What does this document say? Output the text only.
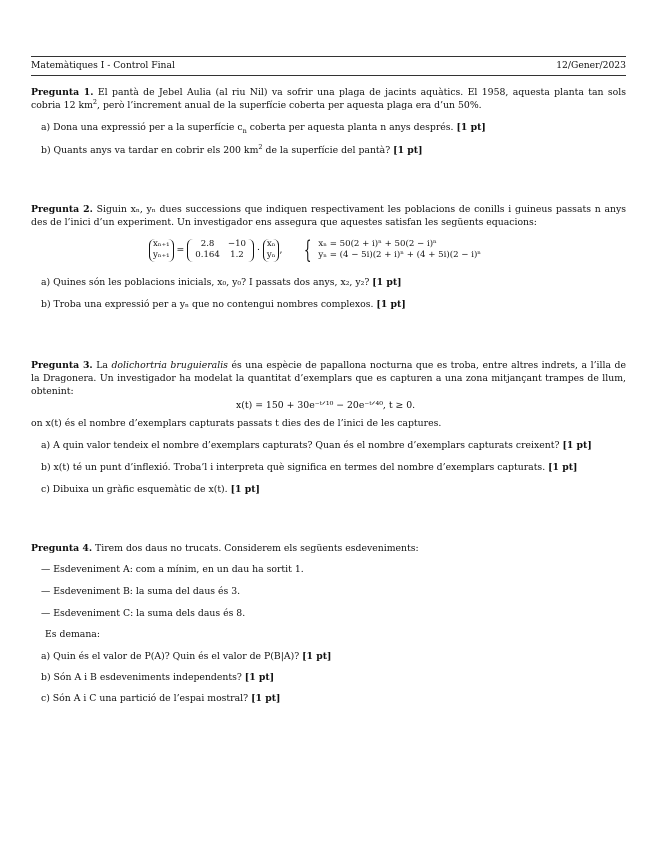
Matemàtiques I - Control Final	12/Gener/2023
Pregunta 1. El pantà de Jebel Aulia (al riu Nil) va sofrir una plaga de jacints aquàtics. El 1958, aquesta planta tan sols cobria 12 $km^2$, però l’increment anual de la superfície coberta per aquesta plaga era d’un 50%.
a) Dona una expressió per a la superfície $c_n$ coberta per aquesta planta n anys després. [1 pt]
b) Quants anys va tardar en cobrir els 200 $km^2$ de la superfície del pantà? [1 pt]
Pregunta 2. Siguin xₙ, yₙ dues successions que indiquen respectivament les poblacions de conills i guineus passats n anys des de l’inici d’un experiment. Un investigador ens assegura que aquestes satisfan les següents equacions:
xₙ₊₁
yₙ₊₁ =
2.8	−10
0.164	1.2 · xₙ
yₙ ,      { xₙ = 50(2 + i)ⁿ + 50(2 − i)ⁿ
yₙ = (4 − 5i)(2 + i)ⁿ + (4 + 5i)(2 − i)ⁿ
a) Quines són les poblacions inicials, x₀, y₀? I passats dos anys, x₂, y₂? [1 pt]
b) Troba una expressió per a yₙ que no contengui nombres complexos. [1 pt]
Pregunta 3. La dolichortria bruguieralis és una espècie de papallona nocturna que es troba, entre altres indrets, a l’illa de la Dragonera. Un investigador ha modelat la quantitat d’exemplars que es capturen a una zona mitjançant trampes de llum, obtenint:
x(t) = 150 + 30e⁻ᵗᐟ¹⁰ − 20e⁻ᵗᐟ⁴⁰, t ≥ 0.
on x(t) és el nombre d’exemplars capturats passats t dies des de l’inici de les captures.
a) A quin valor tendeix el nombre d’exemplars capturats? Quan és el nombre d’exemplars capturats creixent? [1 pt]
b) x(t) té un punt d’inflexió. Troba’l i interpreta què significa en termes del nombre d’exemplars capturats. [1 pt]
c) Dibuixa un gràfic esquemàtic de x(t). [1 pt]
Pregunta 4. Tirem dos daus no trucats. Considerem els següents esdeveniments:
— Esdeveniment A: com a mínim, en un dau ha sortit 1.
— Esdeveniment B: la suma del daus és 3.
— Esdeveniment C: la suma dels daus és 8.
Es demana:
a) Quin és el valor de P(A)? Quin és el valor de P(B|A)? [1 pt]
b) Són A i B esdeveniments independents? [1 pt]
c) Són A i C una partició de l’espai mostral? [1 pt]
